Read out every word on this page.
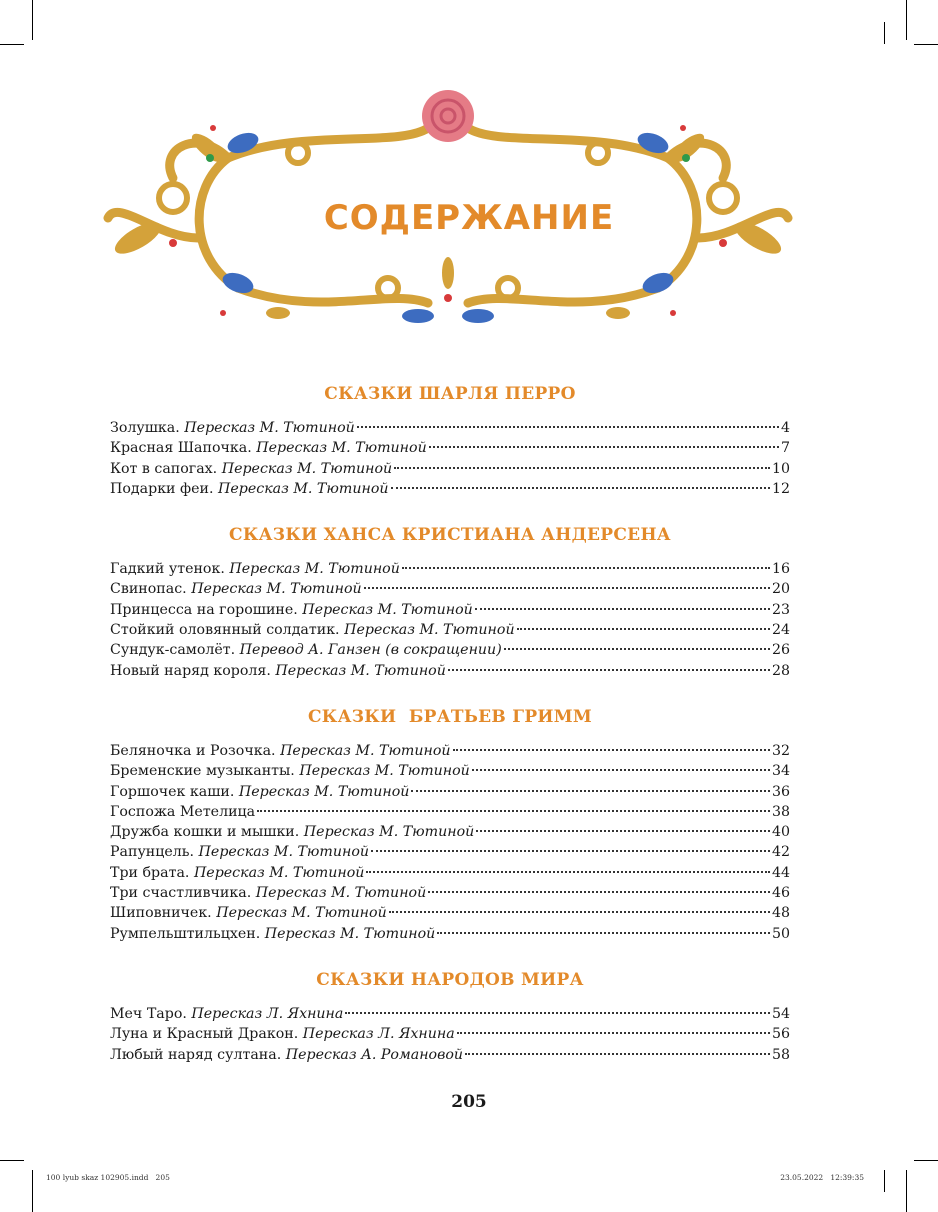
СОДЕРЖАНИЕ
СКАЗКИ ШАРЛЯ ПЕРРО
Золушка. Пересказ М. Тютиной	4
Красная Шапочка. Пересказ М. Тютиной	7
Кот в сапогах. Пересказ М. Тютиной	10
Подарки феи. Пересказ М. Тютиной	12
СКАЗКИ ХАНСА КРИСТИАНА АНДЕРСЕНА
Гадкий утенок. Пересказ М. Тютиной	16
Свинопас. Пересказ М. Тютиной	20
Принцесса на горошине. Пересказ М. Тютиной	23
Стойкий оловянный солдатик. Пересказ М. Тютиной	24
Сундук-самолёт. Перевод А. Ганзен (в сокращении)	26
Новый наряд короля. Пересказ М. Тютиной	28
СКАЗКИ  БРАТЬЕВ ГРИММ
Беляночка и Розочка. Пересказ М. Тютиной	32
Бременские музыканты. Пересказ М. Тютиной	34
Горшочек каши. Пересказ М. Тютиной	36
Госпожа Метелица	38
Дружба кошки и мышки. Пересказ М. Тютиной	40
Рапунцель. Пересказ М. Тютиной	42
Три брата. Пересказ М. Тютиной	44
Три счастливчика. Пересказ М. Тютиной	46
Шиповничек. Пересказ М. Тютиной	48
Румпельштильцхен. Пересказ М. Тютиной	50
СКАЗКИ НАРОДОВ МИРА
Меч Таро. Пересказ Л. Яхнина	54
Луна и Красный Дракон. Пересказ Л. Яхнина	56
Любый наряд султана. Пересказ А. Романовой	58
205
100 lyub skaz 102905.indd   205	23.05.2022   12:39:35
